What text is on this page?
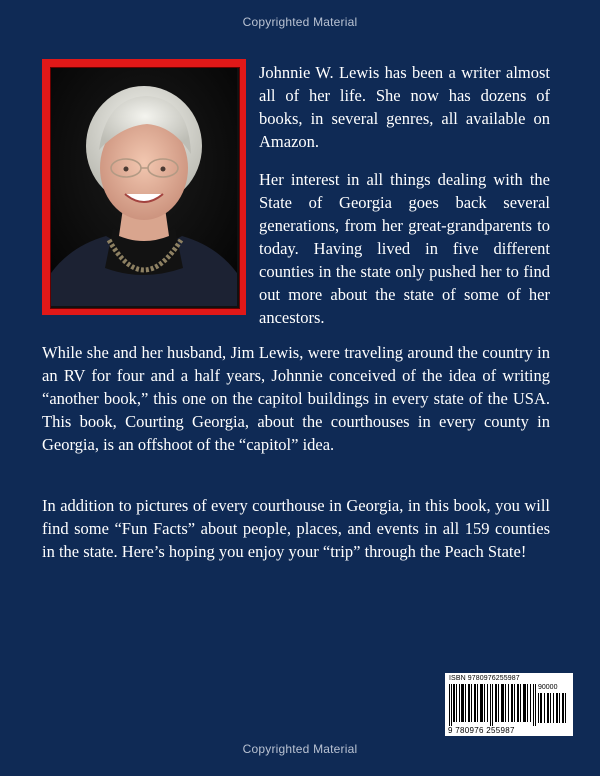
Copyrighted Material

Johnnie W. Lewis has been a writer almost all of her life. She now has dozens of books, in several genres, all available on Amazon.

Her interest in all things dealing with the State of Georgia goes back several generations, from her great-grandparents to today. Having lived in five different counties in the state only pushed her to find out more about the state of some of her ancestors.

While she and her husband, Jim Lewis, were traveling around the country in an RV for four and a half years, Johnnie conceived of the idea of writing “another book,” this one on the capitol buildings in every state of the USA. This book, Courting Georgia, about the courthouses in every county in Georgia, is an offshoot of the “capitol” idea.

In addition to pictures of every courthouse in Georgia, in this book, you will find some “Fun Facts” about people, places, and events in all 159 counties in the state. Here’s hoping you enjoy your “trip” through the Peach State!

ISBN 9780976255987
90000
9 780976 255987
Copyrighted Material
